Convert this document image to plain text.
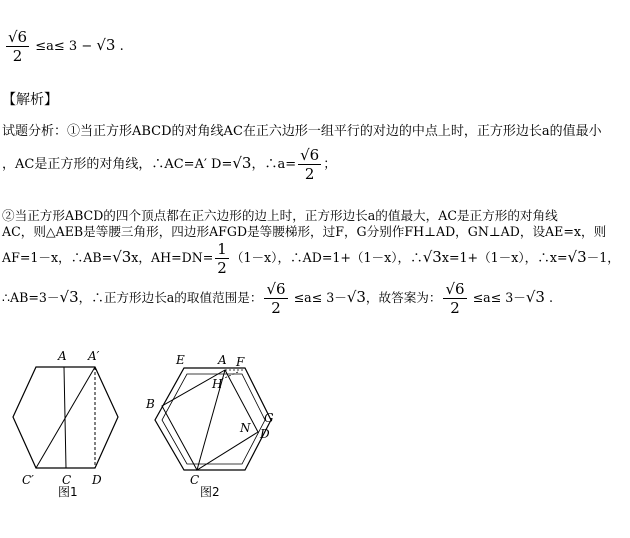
$\frac{√6}{2} \le a\le 3 - √3$ .
【解析】
试题分析：①当正方形ABCD的对角线AC在正六边形一组平行的对边的中点上时，正方形边长a的值最小
，AC是正方形的对角线，∴AC=A′ D=√3，∴a= $\frac{√6}{2}$ ；
②当正方形ABCD的四个顶点都在正六边形的边上时，正方形边长a的值最大，AC是正方形的对角线
AC，则△AEB是等腰三角形，四边形AFGD是等腰梯形，过F，G分别作FH⊥AD，GN⊥AD，设AE=x，则
AF=1－x，∴AB=√3x，$AH=DN= \frac{1}{2} (1-x)$，∴AD=1+（1－x），∴√3x=1+（1－x），∴x=√3－1，
∴AB=3－√3，∴正方形边长a的取值范围是： $\frac{√6}{2} \le a\le 3-√3$，故答案为： $\frac{√6}{2} \le a\le 3-√3$ .
A A′
C′ C D
图1
E	A F
H
B
G
N D
C
图2
